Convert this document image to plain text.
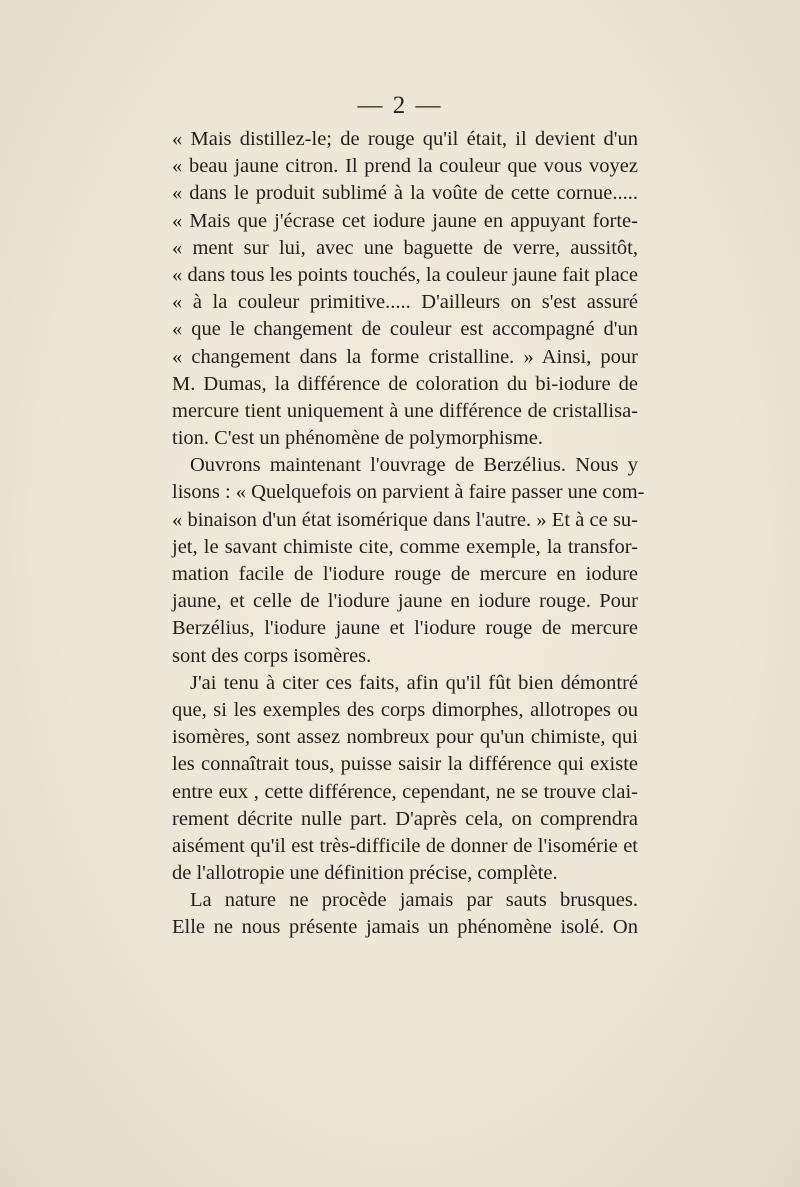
— 2 —
« Mais distillez-le; de rouge qu'il était, il devient d'un
« beau jaune citron. Il prend la couleur que vous voyez
« dans le produit sublimé à la voûte de cette cornue.....
« Mais que j'écrase cet iodure jaune en appuyant forte-
« ment sur lui, avec une baguette de verre, aussitôt,
« dans tous les points touchés, la couleur jaune fait place
« à la couleur primitive..... D'ailleurs on s'est assuré
« que le changement de couleur est accompagné d'un
« changement dans la forme cristalline. » Ainsi, pour
M. Dumas, la différence de coloration du bi-iodure de
mercure tient uniquement à une différence de cristallisa-
tion. C'est un phénomène de polymorphisme.
Ouvrons maintenant l'ouvrage de Berzélius. Nous y
lisons : « Quelquefois on parvient à faire passer une com-
« binaison d'un état isomérique dans l'autre. » Et à ce su-
jet, le savant chimiste cite, comme exemple, la transfor-
mation facile de l'iodure rouge de mercure en iodure
jaune, et celle de l'iodure jaune en iodure rouge. Pour
Berzélius, l'iodure jaune et l'iodure rouge de mercure
sont des corps isomères.
J'ai tenu à citer ces faits, afin qu'il fût bien démontré
que, si les exemples des corps dimorphes, allotropes ou
isomères, sont assez nombreux pour qu'un chimiste, qui
les connaîtrait tous, puisse saisir la différence qui existe
entre eux , cette différence, cependant, ne se trouve clai-
rement décrite nulle part. D'après cela, on comprendra
aisément qu'il est très-difficile de donner de l'isomérie et
de l'allotropie une définition précise, complète.
La nature ne procède jamais par sauts brusques.
Elle ne nous présente jamais un phénomène isolé. On
